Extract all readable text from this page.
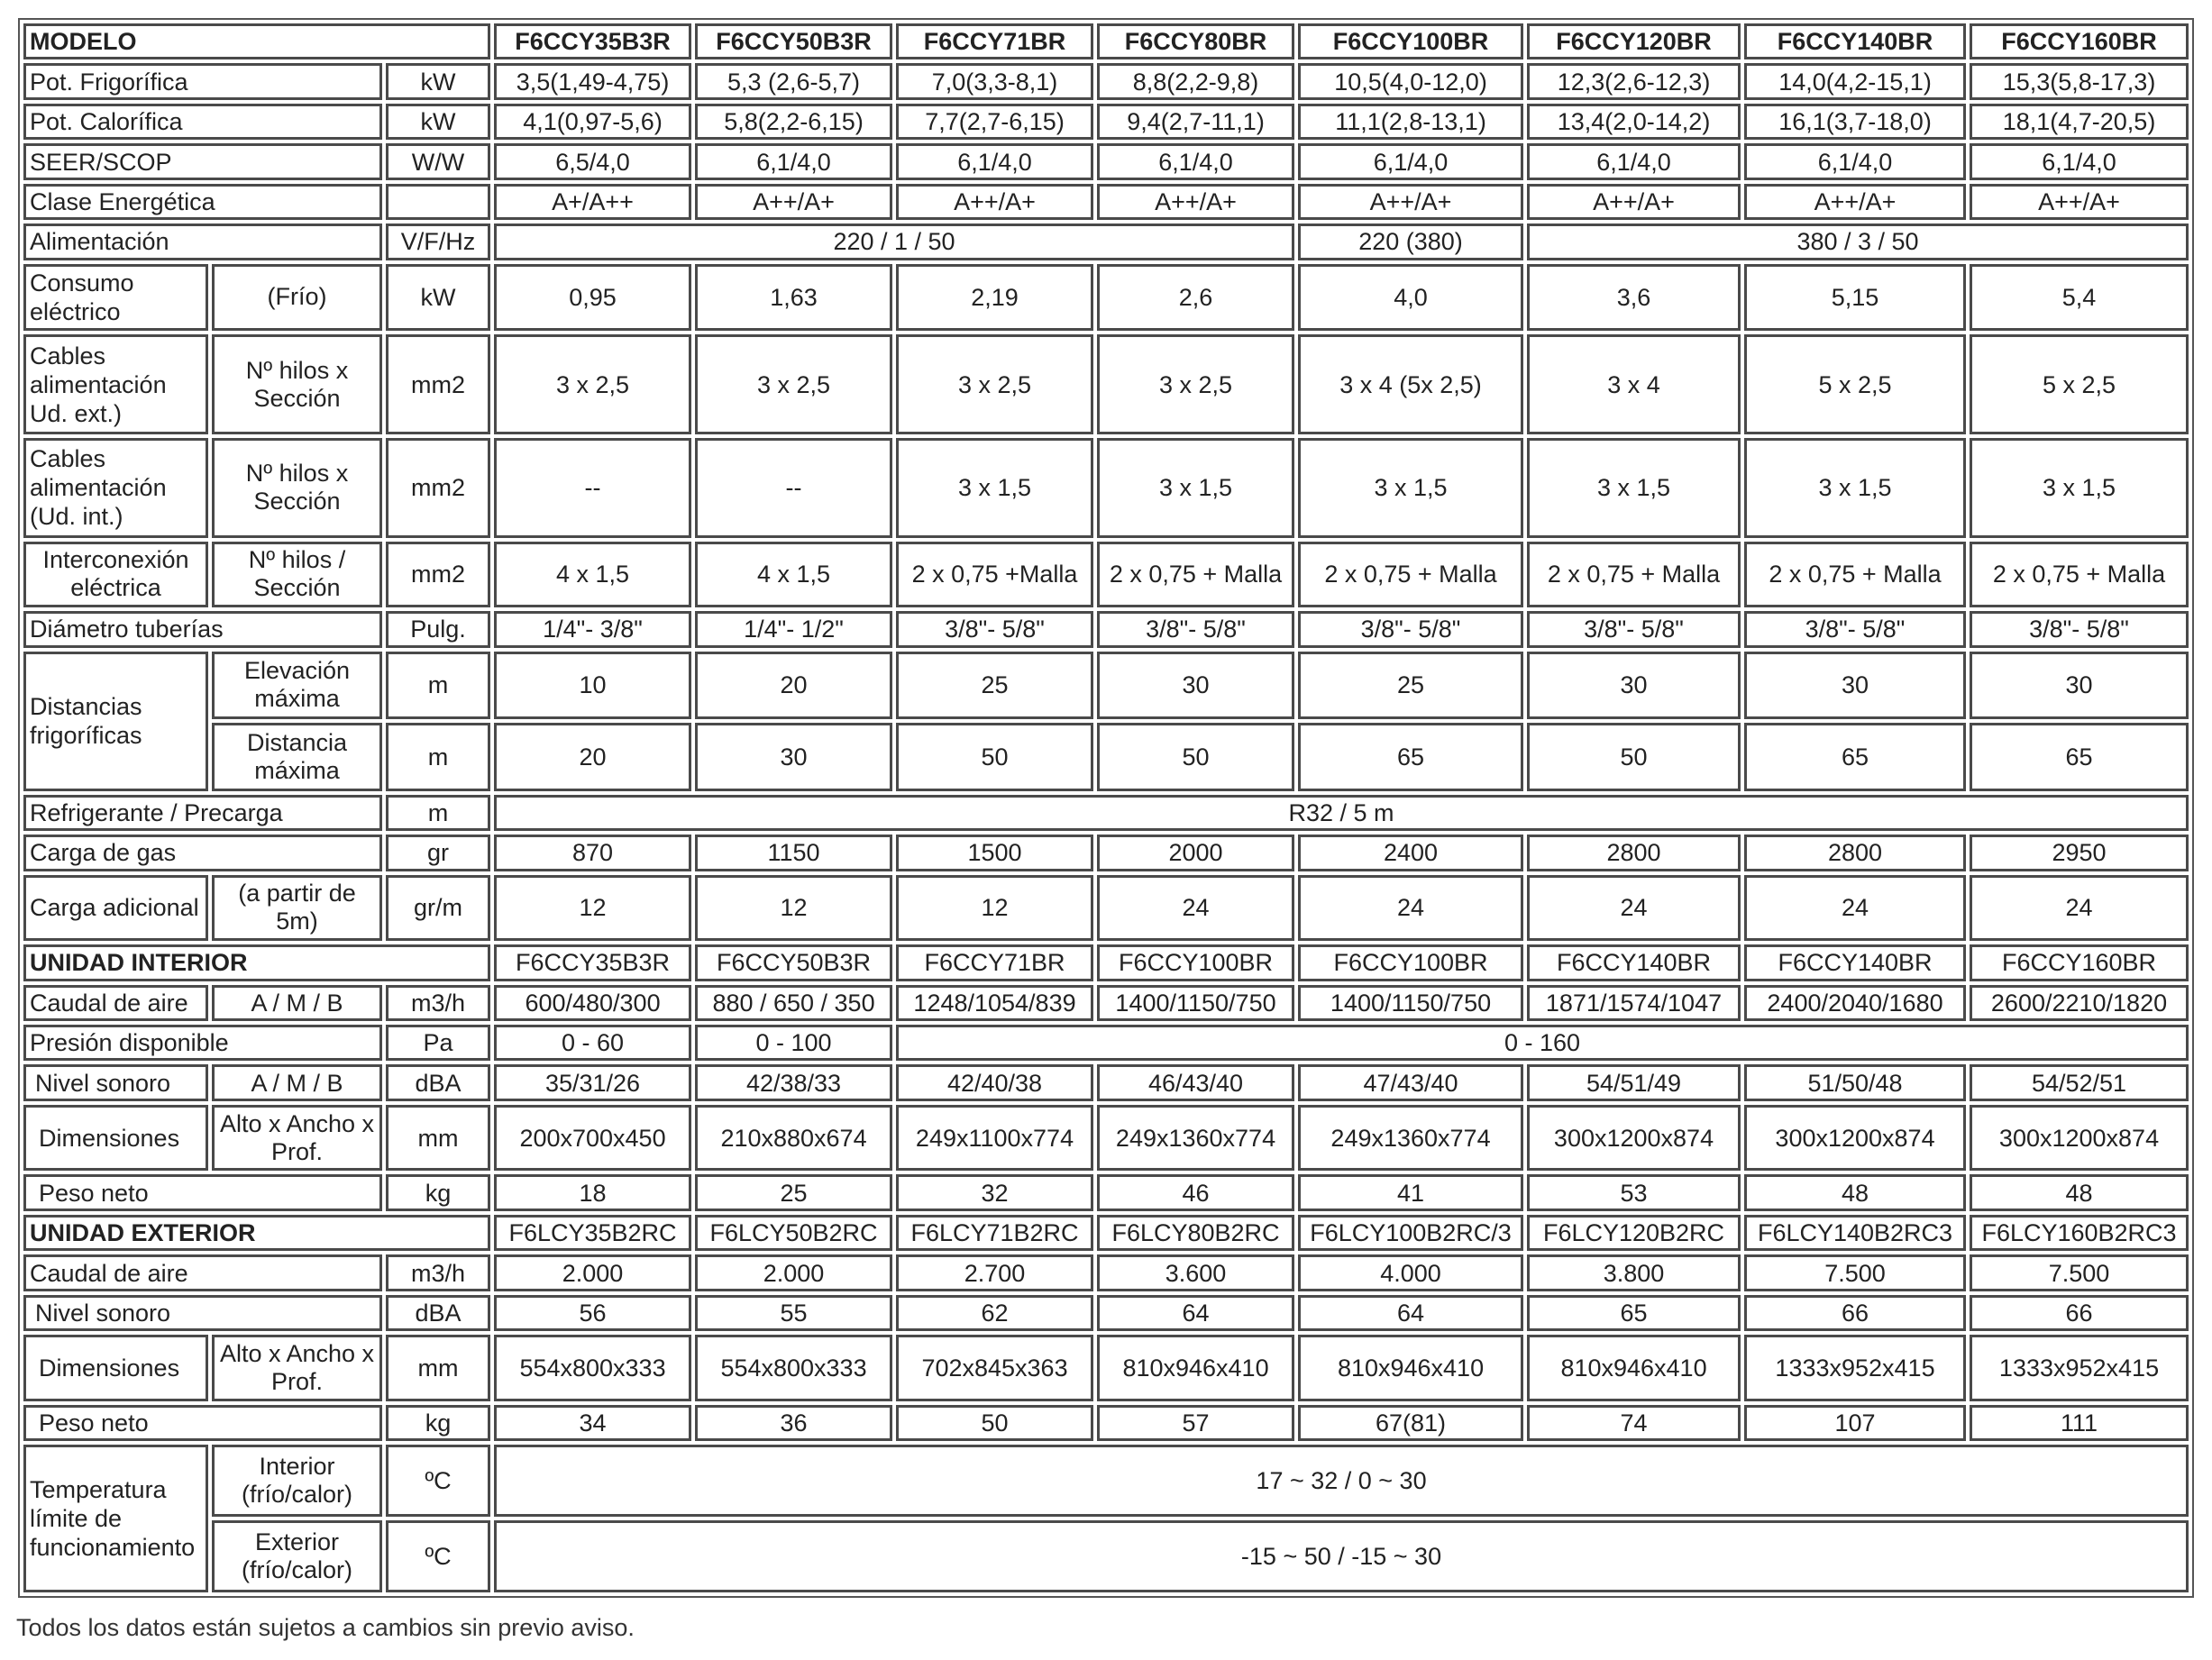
MODELO			F6CCY35B3R	F6CCY50B3R	F6CCY71BR	F6CCY80BR	F6CCY100BR	F6CCY120BR	F6CCY140BR	F6CCY160BR
Pot. Frigorífica		kW	3,5(1,49-4,75)	5,3 (2,6-5,7)	7,0(3,3-8,1)	8,8(2,2-9,8)	10,5(4,0-12,0)	12,3(2,6-12,3)	14,0(4,2-15,1)	15,3(5,8-17,3)
Pot. Calorífica		kW	4,1(0,97-5,6)	5,8(2,2-6,15)	7,7(2,7-6,15)	9,4(2,7-11,1)	11,1(2,8-13,1)	13,4(2,0-14,2)	16,1(3,7-18,0)	18,1(4,7-20,5)
SEER/SCOP		W/W	6,5/4,0	6,1/4,0	6,1/4,0	6,1/4,0	6,1/4,0	6,1/4,0	6,1/4,0	6,1/4,0
Clase Energética			A+/A++	A++/A+	A++/A+	A++/A+	A++/A+	A++/A+	A++/A+	A++/A+
Alimentación		V/F/Hz	220 / 1 / 50				220 (380)	380 / 3 / 50		
Consumo eléctrico	(Frío)	kW	0,95	1,63	2,19	2,6	4,0	3,6	5,15	5,4
Cables alimentación Ud. ext.)	Nº hilos x Sección	mm2	3 x 2,5	3 x 2,5	3 x 2,5	3 x 2,5	3 x 4 (5x 2,5)	3 x 4	5 x 2,5	5 x 2,5
Cables alimentación (Ud. int.)	Nº hilos x Sección	mm2	--	--	3 x 1,5	3 x 1,5	3 x 1,5	3 x 1,5	3 x 1,5	3 x 1,5
Interconexión eléctrica	Nº hilos / Sección	mm2	4 x 1,5	4 x 1,5	2 x 0,75 +Malla	2 x 0,75 + Malla	2 x 0,75 + Malla	2 x 0,75 + Malla	2 x 0,75 + Malla	2 x 0,75 + Malla
Diámetro tuberías		Pulg.	1/4"- 3/8"	1/4"- 1/2"	3/8"- 5/8"	3/8"- 5/8"	3/8"- 5/8"	3/8"- 5/8"	3/8"- 5/8"	3/8"- 5/8"
Distancias frigoríficas	Elevación máxima	m	10	20	25	30	25	30	30	30
	Distancia máxima	m	20	30	50	50	65	50	65	65
Refrigerante / Precarga		m	R32 / 5 m							
Carga de gas		gr	870	1150	1500	2000	2400	2800	2800	2950
Carga adicional	(a partir de 5m)	gr/m	12	12	12	24	24	24	24	24
UNIDAD INTERIOR			F6CCY35B3R	F6CCY50B3R	F6CCY71BR	F6CCY100BR	F6CCY100BR	F6CCY140BR	F6CCY140BR	F6CCY160BR
Caudal de aire	A / M / B	m3/h	600/480/300	880 / 650 / 350	1248/1054/839	1400/1150/750	1400/1150/750	1871/1574/1047	2400/2040/1680	2600/2210/1820
Presión disponible		Pa	0 - 60	0 - 100	0 - 160					
Nivel sonoro	A / M / B	dBA	35/31/26	42/38/33	42/40/38	46/43/40	47/43/40	54/51/49	51/50/48	54/52/51
Dimensiones	Alto x Ancho x Prof.	mm	200x700x450	210x880x674	249x1100x774	249x1360x774	249x1360x774	300x1200x874	300x1200x874	300x1200x874
Peso neto		kg	18	25	32	46	41	53	48	48
UNIDAD EXTERIOR			F6LCY35B2RC	F6LCY50B2RC	F6LCY71B2RC	F6LCY80B2RC	F6LCY100B2RC/3	F6LCY120B2RC	F6LCY140B2RC3	F6LCY160B2RC3
Caudal de aire		m3/h	2.000	2.000	2.700	3.600	4.000	3.800	7.500	7.500
Nivel sonoro		dBA	56	55	62	64	64	65	66	66
Dimensiones	Alto x Ancho x Prof.	mm	554x800x333	554x800x333	702x845x363	810x946x410	810x946x410	810x946x410	1333x952x415	1333x952x415
Peso neto		kg	34	36	50	57	67(81)	74	107	111
Temperatura límite de funcionamiento	Interior (frío/calor)	ºC	17 ~ 32 / 0 ~ 30							
	Exterior (frío/calor)	ºC	-15 ~ 50 / -15 ~ 30							
Todos los datos están sujetos a cambios sin previo aviso.
